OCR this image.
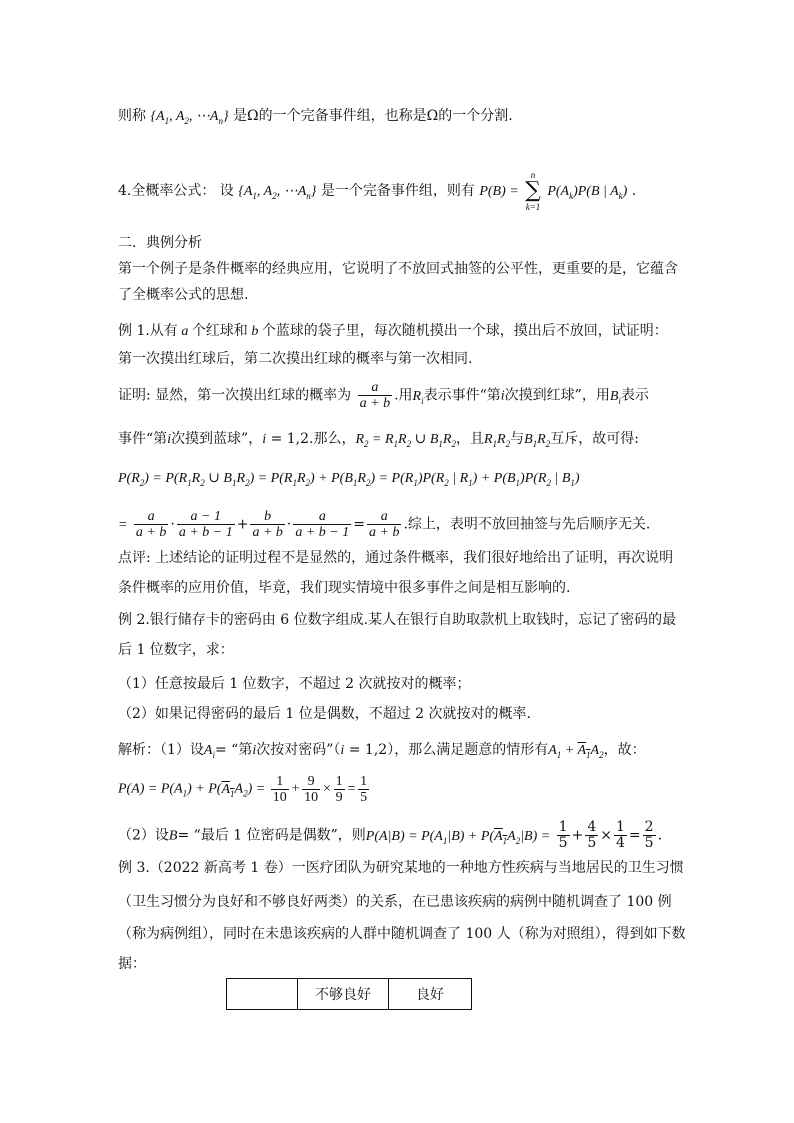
则称 {$A_1$, $A_2$, $\cdots A_n$} 是Ω的一个完备事件组，也称是Ω的一个分割.
4.全概率公式： 设 {$A_1$, $A_2$, $\cdots A_n$} 是一个完备事件组，则有 P(B) =
n
∑
k=1
$P(A_k)P(B$ | $A_k$) .
二．典例分析
第一个例子是条件概率的经典应用，它说明了不放回式抽签的公平性，更重要的是，它蕴含
了全概率公式的思想.
例 1.从有 a 个红球和 b 个蓝球的袋子里，每次随机摸出一个球，摸出后不放回，试证明：
第一次摸出红球后，第二次摸出红球的概率与第一次相同.
证明: 显然，第一次摸出红球的概率为 $\frac{a}{a + b}$ .用$R_i$表示事件“第i次摸到红球”，用$B_i$表示
事件“第i次摸到蓝球”，i = 1,2.那么，$R_2 = R_1R_2$ ∪ $B_1R_2$，且$R_1R_2$与$B_1R_2$互斥，故可得:
$P(R_2) = P(R_1R_2$ ∪ $B_1R_2) = P(R_1R_2) + P(B_1R_2) = P(R_1)P(R_2$ | $R_1) + P(B_1)P(R_2$ | $B_1$)
= $\frac{a}{a + b} \cdot \frac{a - 1}{a + b - 1} + \frac{b}{a + b} \cdot \frac{a}{a + b - 1} = \frac{a}{a + b}$ .综上，表明不放回抽签与先后顺序无关.
点评: 上述结论的证明过程不是显然的，通过条件概率，我们很好地给出了证明，再次说明
条件概率的应用价值，毕竟，我们现实情境中很多事件之间是相互影响的.
例 2.银行储存卡的密码由 6 位数字组成.某人在银行自助取款机上取钱时，忘记了密码的最
后 1 位数字，求：
（1）任意按最后 1 位数字，不超过 2 次就按对的概率；
（2）如果记得密码的最后 1 位是偶数，不超过 2 次就按对的概率.
解析：（1）设$A_i=$ “第i次按对密码”（i = 1,2），那么满足题意的情形有$A_1 + A_1A_2$，故：
$P(A) = P(A_1) + P(A_1A_2) = \frac{1}{10} + \frac{9}{10} \times \frac{1}{9} = \frac{1}{5}$
（2）设B= “最后 1 位密码是偶数”，则$P(A|B) = P(A_1|B) + P(A_1A_2|B) = \frac{1}{5} + \frac{4}{5} \times \frac{1}{4} = \frac{2}{5}$ .
例 3.（2022 新高考 1 卷）一医疗团队为研究某地的一种地方性疾病与当地居民的卫生习惯
（卫生习惯分为良好和不够良好两类）的关系，在已患该疾病的病例中随机调查了 100 例
（称为病例组），同时在未患该疾病的人群中随机调查了 100 人（称为对照组），得到如下数
据：
	不够良好	良好
